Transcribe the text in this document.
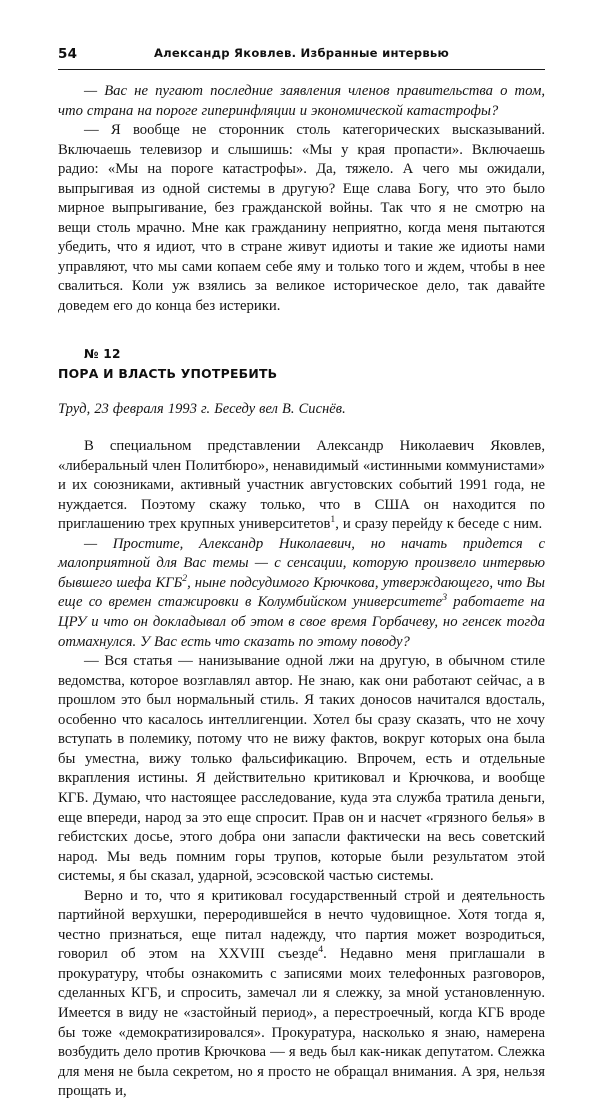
54	Александр Яковлев. Избранные интервью

— Вас не пугают последние заявления членов правительства о том, что страна на пороге гиперинфляции и экономической катастрофы?

— Я вообще не сторонник столь категорических высказываний. Включаешь телевизор и слышишь: «Мы у края пропасти». Включаешь радио: «Мы на пороге катастрофы». Да, тяжело. А чего мы ожидали, выпрыгивая из одной системы в другую? Еще слава Богу, что это было мирное выпрыгивание, без гражданской войны. Так что я не смотрю на вещи столь мрачно. Мне как гражданину неприятно, когда меня пытаются убедить, что я идиот, что в стране живут идиоты и такие же идиоты нами управляют, что мы сами копаем себе яму и только того и ждем, чтобы в нее свалиться. Коли уж взялись за великое историческое дело, так давайте доведем его до конца без истерики.

№ 12
ПОРА И ВЛАСТЬ УПОТРЕБИТЬ

Труд, 23 февраля 1993 г. Беседу вел В. Сиснёв.

В специальном представлении Александр Николаевич Яковлев, «либеральный член Политбюро», ненавидимый «истинными коммунистами» и их союзниками, активный участник августовских событий 1991 года, не нуждается. Поэтому скажу только, что в США он находится по приглашению трех крупных университетов$^1$, и сразу перейду к беседе с ним.

— Простите, Александр Николаевич, но начать придется с малоприятной для Вас темы — с сенсации, которую произвело интервью бывшего шефа КГБ$^2$, ныне подсудимого Крючкова, утверждающего, что Вы еще со времен стажировки в Колумбийском университете$^3$ работаете на ЦРУ и что он докладывал об этом в свое время Горбачеву, но генсек тогда отмахнулся. У Вас есть что сказать по этому поводу?

— Вся статья — нанизывание одной лжи на другую, в обычном стиле ведомства, которое возглавлял автор. Не знаю, как они работают сейчас, а в прошлом это был нормальный стиль. Я таких доносов начитался вдосталь, особенно что касалось интеллигенции. Хотел бы сразу сказать, что не хочу вступать в полемику, потому что не вижу фактов, вокруг которых она была бы уместна, вижу только фальсификацию. Впрочем, есть и отдельные вкрапления истины. Я действительно критиковал и Крючкова, и вообще КГБ. Думаю, что настоящее расследование, куда эта служба тратила деньги, еще впереди, народ за это еще спросит. Прав он и насчет «грязного белья» в гебистских досье, этого добра они запасли фактически на весь советский народ. Мы ведь помним горы трупов, которые были результатом этой системы, я бы сказал, ударной, эсэсовской частью системы.

Верно и то, что я критиковал государственный строй и деятельность партийной верхушки, переродившейся в нечто чудовищное. Хотя тогда я, честно признаться, еще питал надежду, что партия может возродиться, говорил об этом на XXVIII съезде$^4$. Недавно меня приглашали в прокуратуру, чтобы ознакомить с записями моих телефонных разговоров, сделанных КГБ, и спросить, замечал ли я слежку, за мной установленную. Имеется в виду не «застойный период», а перестроечный, когда КГБ вроде бы тоже «демократизировался». Прокуратура, насколько я знаю, намерена возбудить дело против Крючкова — я ведь был как-никак депутатом. Слежка для меня не была секретом, но я просто не обращал внимания. А зря, нельзя прощать и,
